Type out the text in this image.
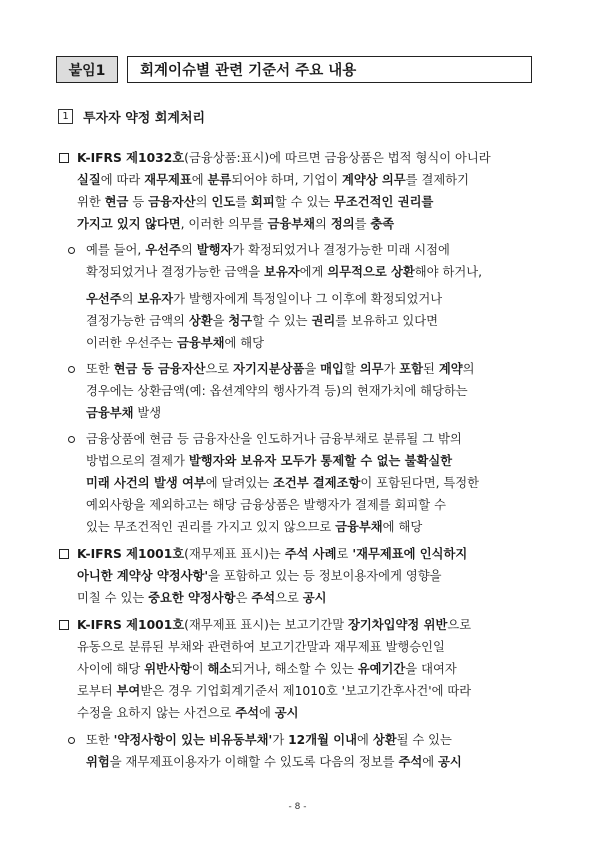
붙임1	회계이슈별 관련 기준서 주요 내용
1	투자자 약정 회계처리
K-IFRS 제1032호(금융상품:표시)에 따르면 금융상품은 법적 형식이 아니라
실질에 따라 재무제표에 분류되어야 하며, 기업이 계약상 의무를 결제하기
위한 현금 등 금융자산의 인도를 회피할 수 있는 무조건적인 권리를
가지고 있지 않다면, 이러한 의무를 금융부채의 정의를 충족
예를 들어, 우선주의 발행자가 확정되었거나 결정가능한 미래 시점에
확정되었거나 결정가능한 금액을 보유자에게 의무적으로 상환해야 하거나,
우선주의 보유자가 발행자에게 특정일이나 그 이후에 확정되었거나
결정가능한 금액의 상환을 청구할 수 있는 권리를 보유하고 있다면
이러한 우선주는 금융부채에 해당
또한 현금 등 금융자산으로 자기지분상품을 매입할 의무가 포함된 계약의
경우에는 상환금액(예: 옵션계약의 행사가격 등)의 현재가치에 해당하는
금융부채 발생
금융상품에 현금 등 금융자산을 인도하거나 금융부채로 분류될 그 밖의
방법으로의 결제가 발행자와 보유자 모두가 통제할 수 없는 불확실한
미래 사건의 발생 여부에 달려있는 조건부 결제조항이 포함된다면, 특정한
예외사항을 제외하고는 해당 금융상품은 발행자가 결제를 회피할 수
있는 무조건적인 권리를 가지고 있지 않으므로 금융부채에 해당
K-IFRS 제1001호(재무제표 표시)는 주석 사례로 '재무제표에 인식하지
아니한 계약상 약정사항'을 포함하고 있는 등 정보이용자에게 영향을
미칠 수 있는 중요한 약정사항은 주석으로 공시
K-IFRS 제1001호(재무제표 표시)는 보고기간말 장기차입약정 위반으로
유동으로 분류된 부채와 관련하여 보고기간말과 재무제표 발행승인일
사이에 해당 위반사항이 해소되거나, 해소할 수 있는 유예기간을 대여자
로부터 부여받은 경우 기업회계기준서 제1010호 '보고기간후사건'에 따라
수정을 요하지 않는 사건으로 주석에 공시
또한 '약정사항이 있는 비유동부채'가 12개월 이내에 상환될 수 있는
위험을 재무제표이용자가 이해할 수 있도록 다음의 정보를 주석에 공시
- 8 -
